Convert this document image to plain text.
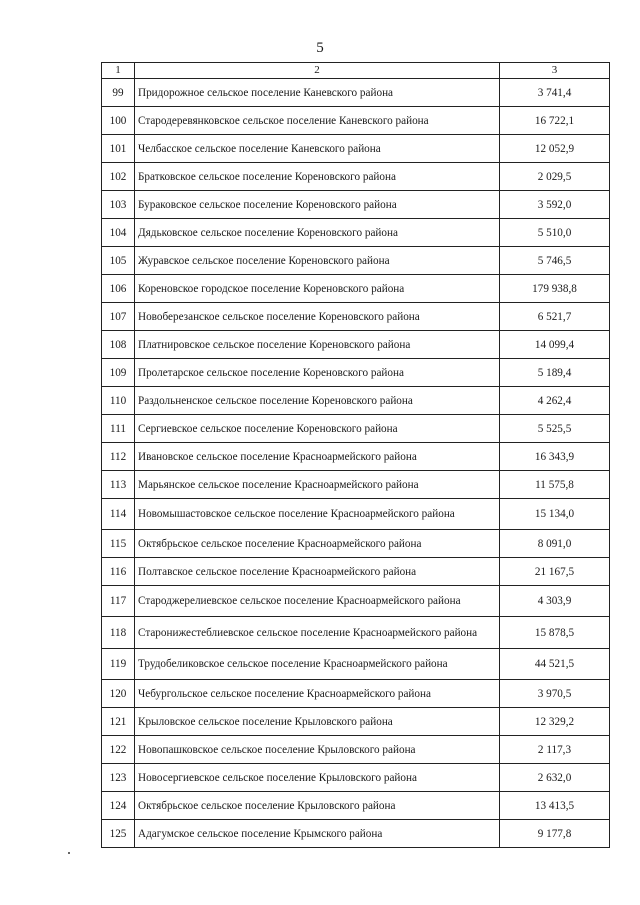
5
1	2	3
99	Придорожное сельское поселение Каневского района	3 741,4
100	Стародеревянковское сельское поселение Каневского района	16 722,1
101	Челбасское сельское поселение Каневского района	12 052,9
102	Братковское сельское поселение Кореновского района	2 029,5
103	Бураковское сельское поселение Кореновского района	3 592,0
104	Дядьковское сельское поселение Кореновского района	5 510,0
105	Журавское сельское поселение Кореновского района	5 746,5
106	Кореновское городское поселение Кореновского района	179 938,8
107	Новоберезанское сельское поселение Кореновского района	6 521,7
108	Платнировское сельское поселение Кореновского района	14 099,4
109	Пролетарское сельское поселение Кореновского района	5 189,4
110	Раздольненское сельское поселение Кореновского района	4 262,4
111	Сергиевское сельское поселение Кореновского района	5 525,5
112	Ивановское сельское поселение Красноармейского района	16 343,9
113	Марьянское сельское поселение Красноармейского района	11 575,8
114	Новомышастовское сельское поселение Красноармейского района	15 134,0
115	Октябрьское сельское поселение Красноармейского района	8 091,0
116	Полтавское сельское поселение Красноармейского района	21 167,5
117	Староджерелиевское сельское поселение Красноармейского района	4 303,9
118	Старонижестеблиевское сельское поселение Красноармейского района	15 878,5
119	Трудобеликовское сельское поселение Красноармейского района	44 521,5
120	Чебургольское сельское поселение Красноармейского района	3 970,5
121	Крыловское сельское поселение Крыловского района	12 329,2
122	Новопашковское сельское поселение Крыловского района	2 117,3
123	Новосергиевское сельское поселение Крыловского района	2 632,0
124	Октябрьское сельское поселение Крыловского района	13 413,5
125	Адагумское сельское поселение Крымского района	9 177,8
